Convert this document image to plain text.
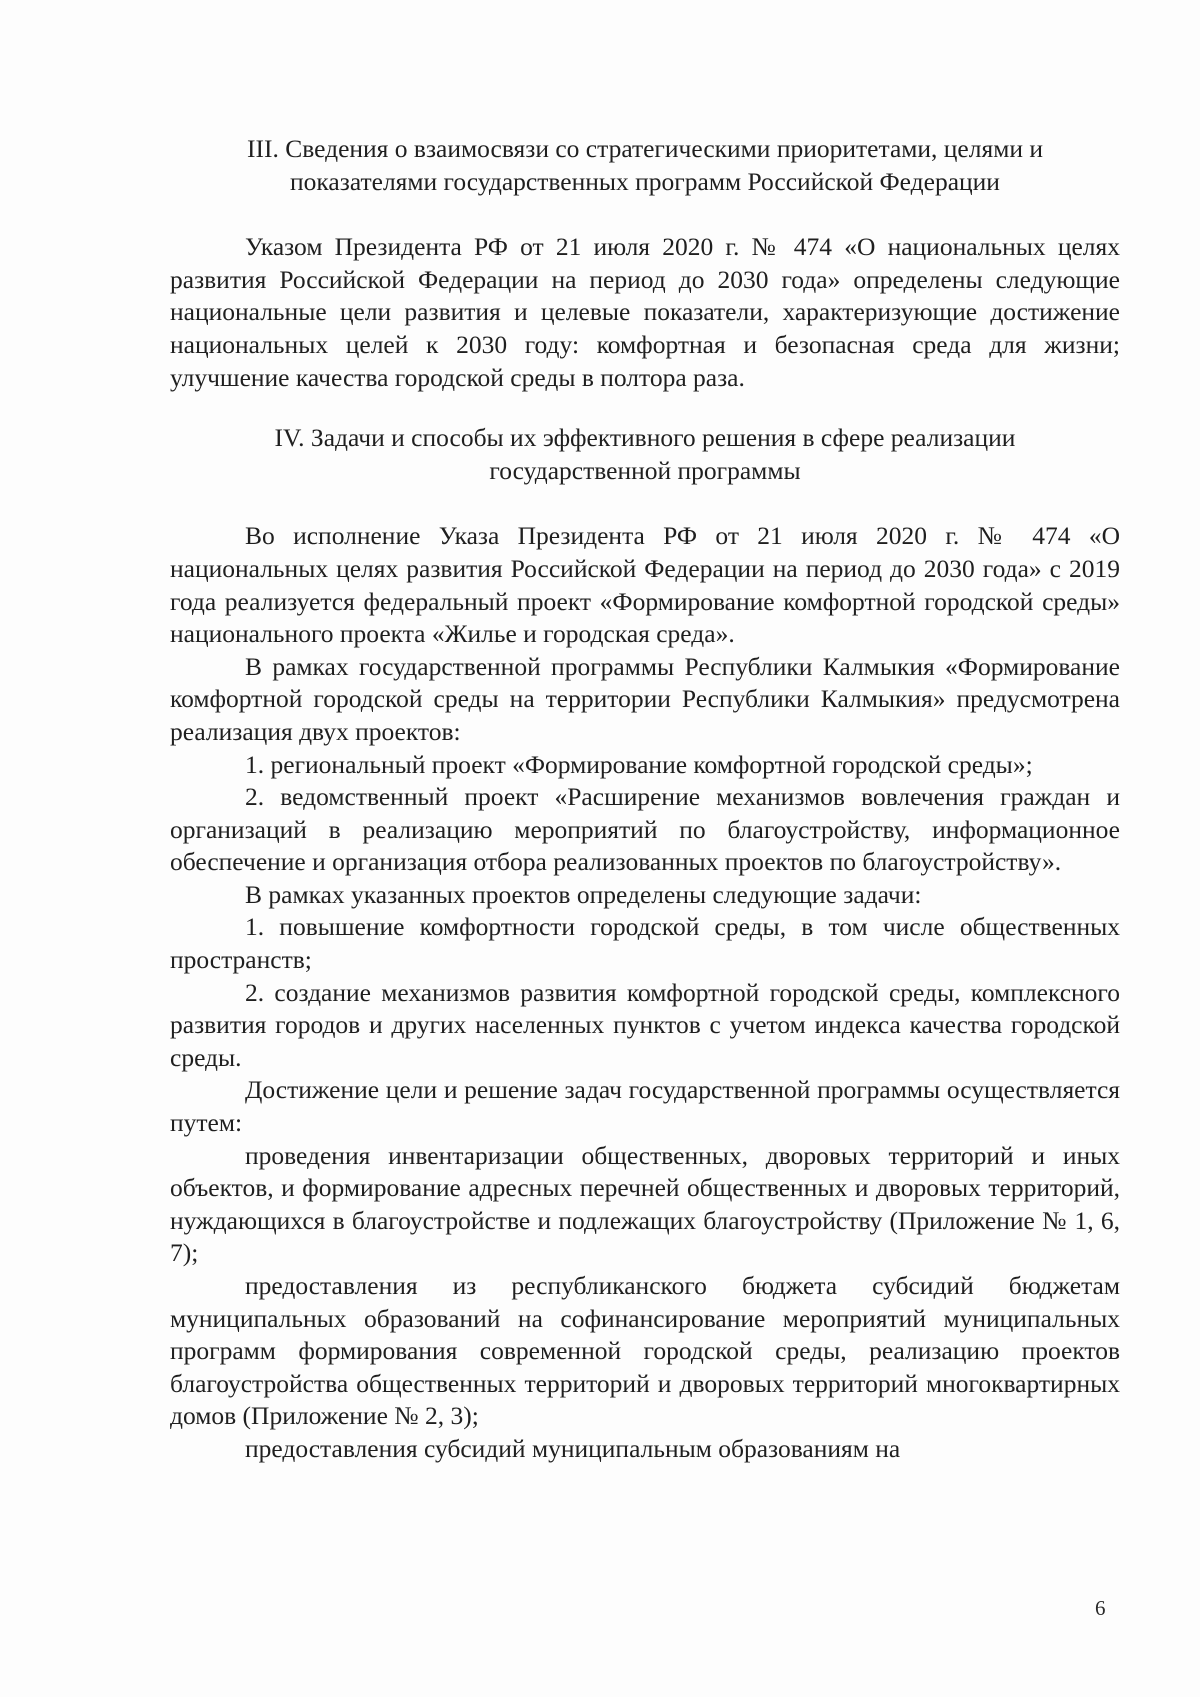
III. Сведения о взаимосвязи со стратегическими приоритетами, целями и
показателями государственных программ Российской Федерации

Указом Президента РФ от 21 июля 2020 г. № 474 «О национальных целях развития Российской Федерации на период до 2030 года» определены следующие национальные цели развития и целевые показатели, характеризующие достижение национальных целей к 2030 году: комфортная и безопасная среда для жизни; улучшение качества городской среды в полтора раза.

IV. Задачи и способы их эффективного решения в сфере реализации
государственной программы

Во исполнение Указа Президента РФ от 21 июля 2020 г. № 474 «О национальных целях развития Российской Федерации на период до 2030 года» с 2019 года реализуется федеральный проект «Формирование комфортной городской среды» национального проекта «Жилье и городская среда».

В рамках государственной программы Республики Калмыкия «Формирование комфортной городской среды на территории Республики Калмыкия» предусмотрена реализация двух проектов:

1. региональный проект «Формирование комфортной городской среды»;

2. ведомственный проект «Расширение механизмов вовлечения граждан и организаций в реализацию мероприятий по благоустройству, информационное обеспечение и организация отбора реализованных проектов по благоустройству».

В рамках указанных проектов определены следующие задачи:

1. повышение комфортности городской среды, в том числе общественных пространств;

2. создание механизмов развития комфортной городской среды, комплексного развития городов и других населенных пунктов с учетом индекса качества городской среды.

Достижение цели и решение задач государственной программы осуществляется путем:

проведения инвентаризации общественных, дворовых территорий и иных объектов, и формирование адресных перечней общественных и дворовых территорий, нуждающихся в благоустройстве и подлежащих благоустройству (Приложение № 1, 6, 7);

предоставления из республиканского бюджета субсидий бюджетам муниципальных образований на софинансирование мероприятий муниципальных программ формирования современной городской среды, реализацию проектов благоустройства общественных территорий и дворовых территорий многоквартирных домов (Приложение № 2, 3);

предоставления субсидий муниципальным образованиям на

6
